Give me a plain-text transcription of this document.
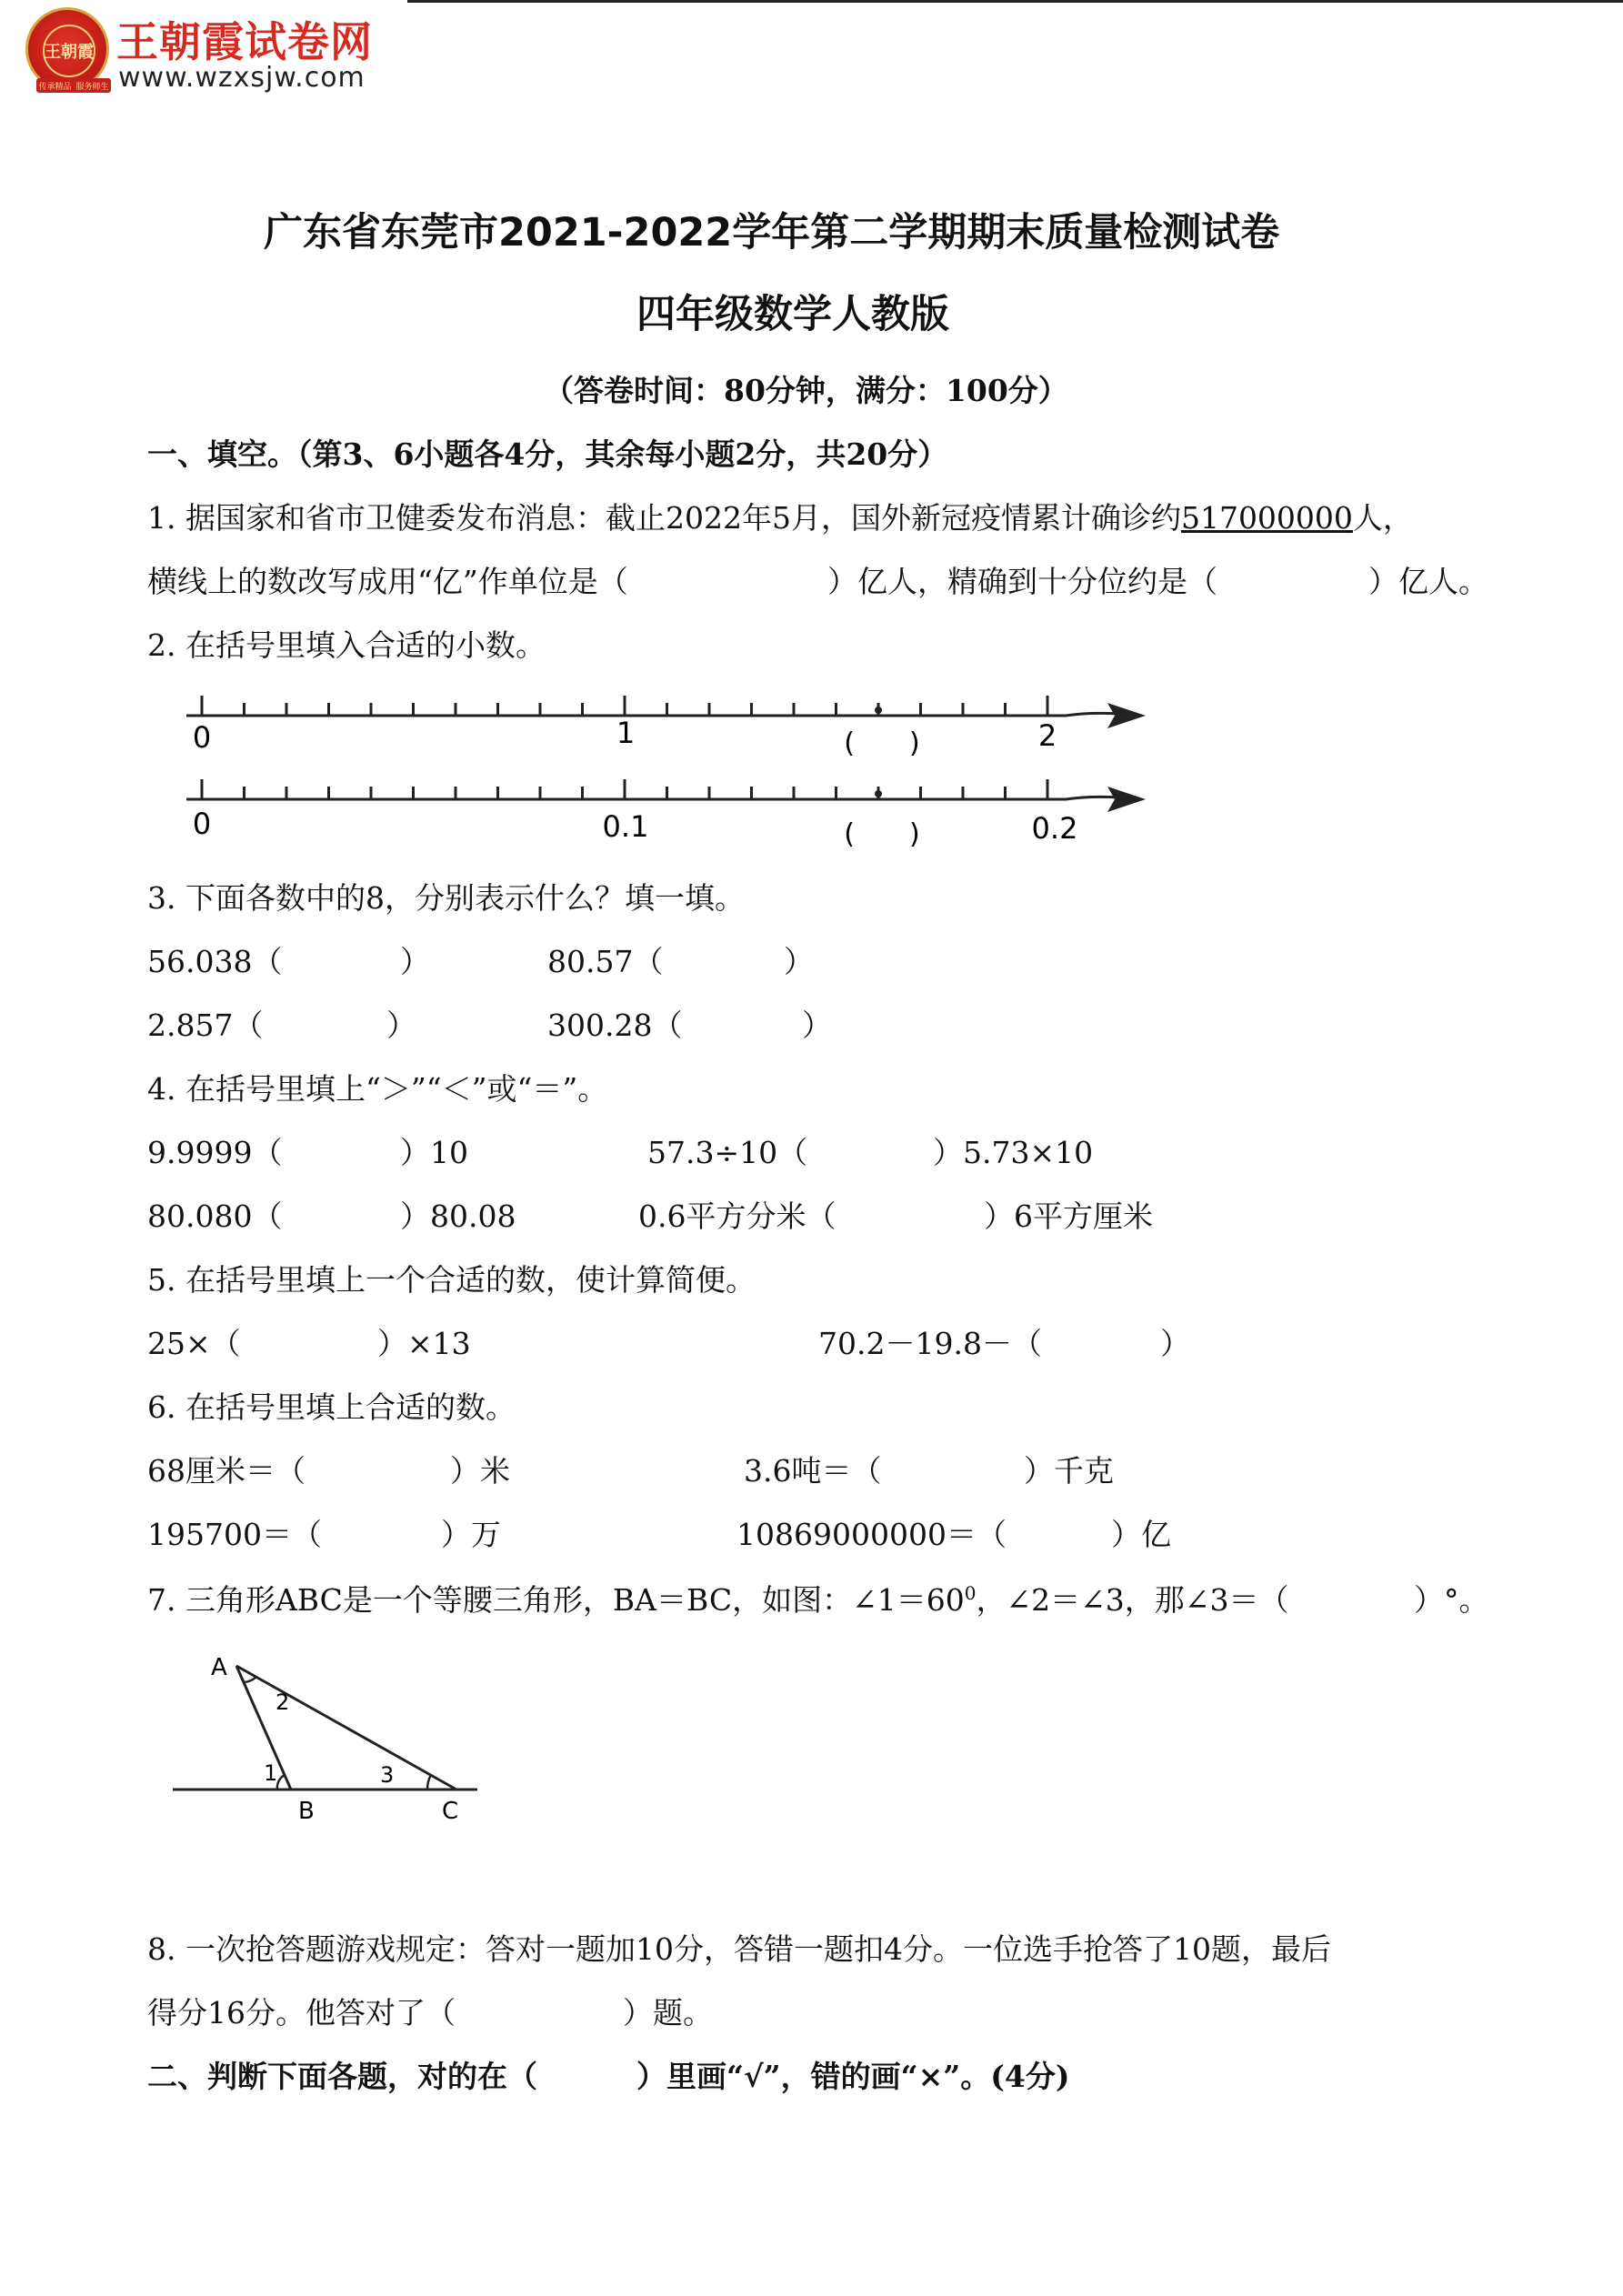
王朝霞
传承精品 服务师生
王朝霞试卷网
www.wzxsjw.com
广东省东莞市2021-2022学年第二学期期末质量检测试卷
四年级数学人教版
（答卷时间：80分钟，满分：100分）
一、填空。（第3、6小题各4分，其余每小题2分，共20分）
1. 据国家和省市卫健委发布消息：截止2022年5月，国外新冠疫情累计确诊约517000000人，
横线上的数改写成用“亿”作单位是（	）亿人，精确到十分位约是（	）亿人。
2. 在括号里填入合适的小数。
0	1	(　　)	2
0	0.1	(　　)	0.2
3. 下面各数中的8，分别表示什么？填一填。
56.038（	）	80.57（	）
2.857（	）	300.28（	）
4. 在括号里填上“＞”“＜”或“＝”。
9.9999（	）10	57.3÷10（	）5.73×10
80.080（	）80.08	0.6平方分米（	）6平方厘米
5. 在括号里填上一个合适的数，使计算简便。
25×（	）×13	70.2－19.8－（	）
6. 在括号里填上合适的数。
68厘米＝（	）米	3.6吨＝（	）千克
195700＝（	）万	10869000000＝（	）亿
7. 三角形ABC是一个等腰三角形，BA＝BC，如图：$\angle 1=60^0$，∠2＝∠3，那∠3＝（	）°。
A
2
1	3
B	C
8. 一次抢答题游戏规定：答对一题加10分，答错一题扣4分。一位选手抢答了10题，最后
得分16分。他答对了（	）题。
二、判断下面各题，对的在（	）里画“√”，错的画“×”。(4分)
